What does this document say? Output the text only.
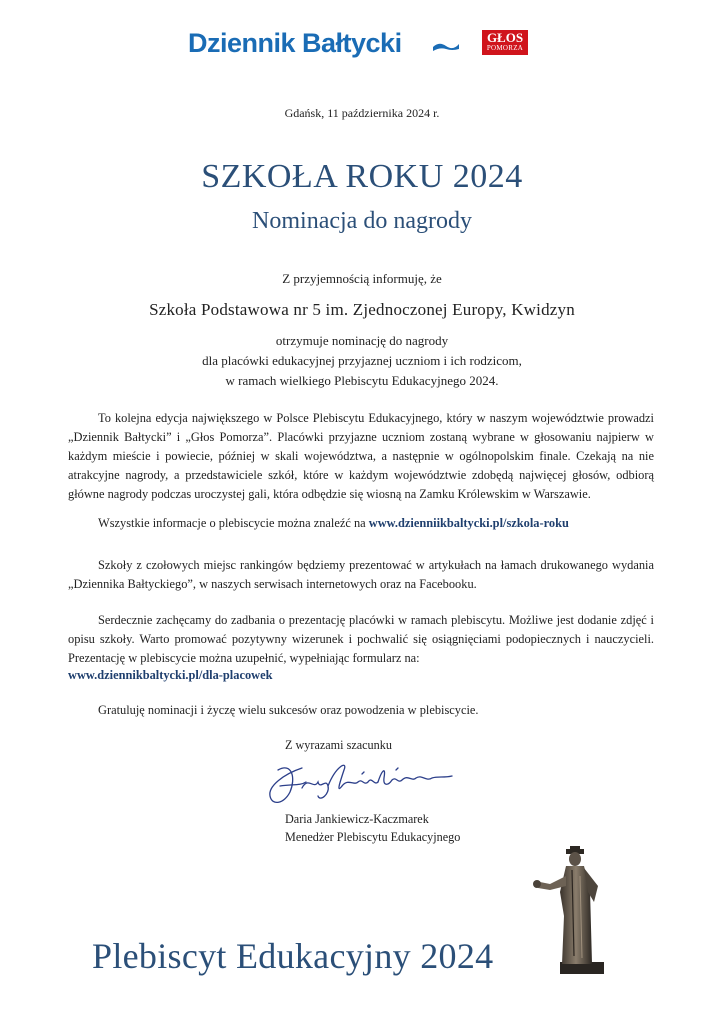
Dziennik Bałtycki	GŁOS
POMORZA
Gdańsk, 11 października 2024 r.
SZKOŁA ROKU 2024
Nominacja do nagrody
Z przyjemnością informuję, że
Szkoła Podstawowa nr 5 im. Zjednoczonej Europy, Kwidzyn
otrzymuje nominację do nagrody
dla placówki edukacyjnej przyjaznej uczniom i ich rodzicom,
w ramach wielkiego Plebiscytu Edukacyjnego 2024.
To kolejna edycja największego w Polsce Plebiscytu Edukacyjnego, który w naszym województwie prowadzi „Dziennik Bałtycki” i „Głos Pomorza”. Placówki przyjazne uczniom zostaną wybrane w głosowaniu najpierw w każdym mieście i powiecie, później w skali województwa, a następnie w ogólnopolskim finale. Czekają na nie atrakcyjne nagrody, a przedstawiciele szkół, które w każdym województwie zdobędą najwięcej głosów, odbiorą główne nagrody podczas uroczystej gali, która odbędzie się wiosną na Zamku Królewskim w Warszawie.
Wszystkie informacje o plebiscycie można znaleźć na www.dzienniikbaltycki.pl/szkola-roku
Szkoły z czołowych miejsc rankingów będziemy prezentować w artykułach na łamach drukowanego wydania „Dziennika Bałtyckiego”, w naszych serwisach internetowych oraz na Facebooku.
Serdecznie zachęcamy do zadbania o prezentację placówki w ramach plebiscytu. Możliwe jest dodanie zdjęć i opisu szkoły. Warto promować pozytywny wizerunek i pochwalić się osiągnięciami podopiecznych i nauczycieli. Prezentację w plebiscycie można uzupełnić, wypełniając formularz na:
www.dziennikbaltycki.pl/dla-placowek
Gratuluję nominacji i życzę wielu sukcesów oraz powodzenia w plebiscycie.
Z wyrazami szacunku
Daria Jankiewicz-Kaczmarek
Menedżer Plebiscytu Edukacyjnego
Plebiscyt Edukacyjny 2024
